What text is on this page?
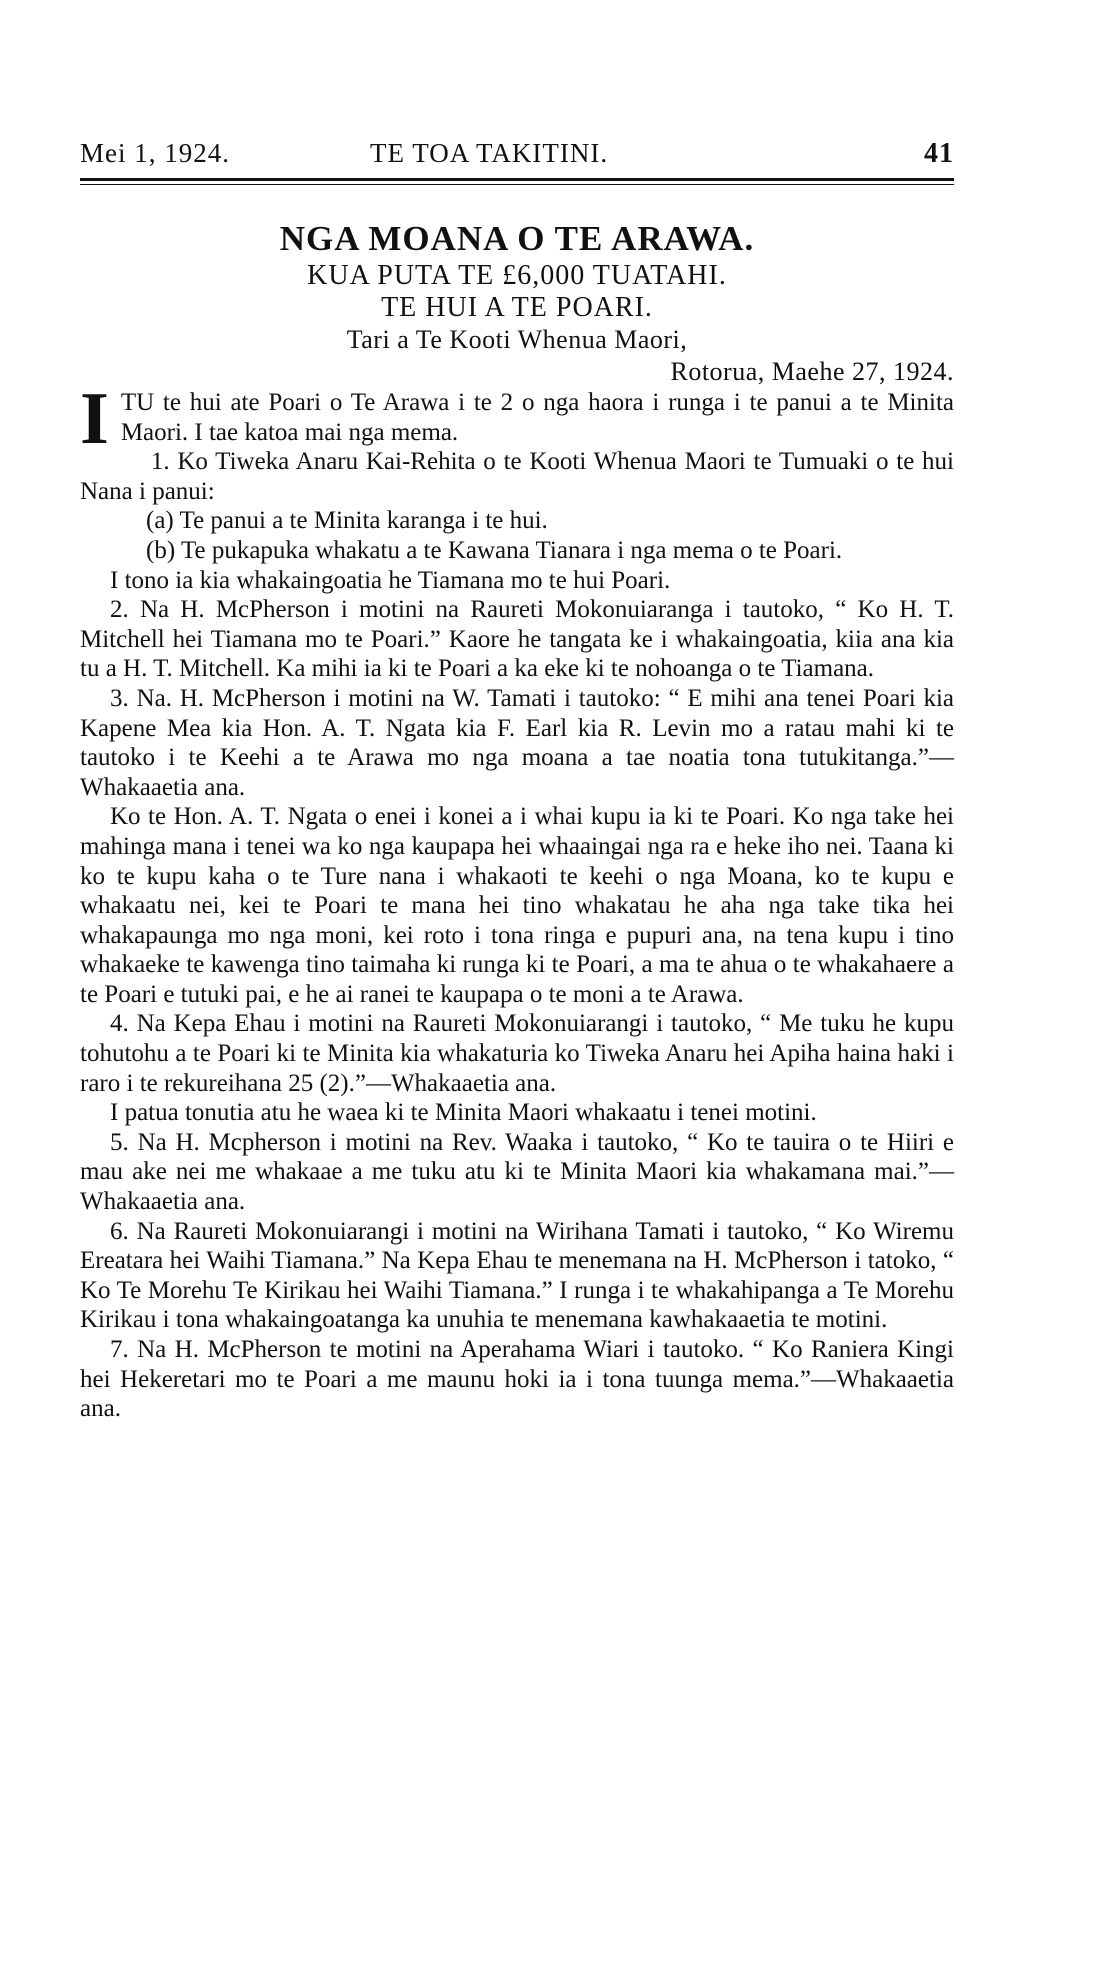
Mei 1, 1924.	TE TOA TAKITINI.	41
NGA MOANA O TE ARAWA.
KUA PUTA TE £6,000 TUATAHI.
TE HUI A TE POARI.
Tari a Te Kooti Whenua Maori,
Rotorua, Maehe 27, 1924.
I TU te hui ate Poari o Te Arawa i te 2 o nga haora i runga i te panui a te Minita Maori. I tae katoa mai nga mema.

1. Ko Tiweka Anaru Kai-Rehita o te Kooti Whenua Maori te Tumuaki o te hui Nana i panui:

(a) Te panui a te Minita karanga i te hui.

(b) Te pukapuka whakatu a te Kawana Tianara i nga mema o te Poari.

I tono ia kia whakaingoatia he Tiamana mo te hui Poari.

2. Na H. McPherson i motini na Raureti Mokonuiaranga i tautoko, “ Ko H. T. Mitchell hei Tiamana mo te Poari.” Kaore he tangata ke i whakaingoatia, kiia ana kia tu a H. T. Mitchell. Ka mihi ia ki te Poari a ka eke ki te nohoanga o te Tiamana.

3. Na. H. McPherson i motini na W. Tamati i tautoko: “ E mihi ana tenei Poari kia Kapene Mea kia Hon. A. T. Ngata kia F. Earl kia R. Levin mo a ratau mahi ki te tautoko i te Keehi a te Arawa mo nga moana a tae noatia tona tutukitanga.”—Whakaaetia ana.

Ko te Hon. A. T. Ngata o enei i konei a i whai kupu ia ki te Poari. Ko nga take hei mahinga mana i tenei wa ko nga kaupapa hei whaaingai nga ra e heke iho nei. Taana ki ko te kupu kaha o te Ture nana i whakaoti te keehi o nga Moana, ko te kupu e whakaatu nei, kei te Poari te mana hei tino whakatau he aha nga take tika hei whakapaunga mo nga moni, kei roto i tona ringa e pupuri ana, na tena kupu i tino whakaeke te kawenga tino taimaha ki runga ki te Poari, a ma te ahua o te whakahaere a te Poari e tutuki pai, e he ai ranei te kaupapa o te moni a te Arawa.

4. Na Kepa Ehau i motini na Raureti Mokonuiarangi i tautoko, “ Me tuku he kupu tohutohu a te Poari ki te Minita kia whakaturia ko Tiweka Anaru hei Apiha haina haki i raro i te rekureihana 25 (2).”—Whakaaetia ana.

I patua tonutia atu he waea ki te Minita Maori whakaatu i tenei motini.

5. Na H. Mcpherson i motini na Rev. Waaka i tautoko, “ Ko te tauira o te Hiiri e mau ake nei me whakaae a me tuku atu ki te Minita Maori kia whakamana mai.”—Whakaaetia ana.

6. Na Raureti Mokonuiarangi i motini na Wirihana Tamati i tautoko, “ Ko Wiremu Ereatara hei Waihi Tiamana.” Na Kepa Ehau te menemana na H. McPherson i tatoko, “ Ko Te Morehu Te Kirikau hei Waihi Tiamana.” I runga i te whakahipanga a Te Morehu Kirikau i tona whakaingoatanga ka unuhia te menemana kawhakaaetia te motini.

7. Na H. McPherson te motini na Aperahama Wiari i tautoko. “ Ko Raniera Kingi hei Hekeretari mo te Poari a me maunu hoki ia i tona tuunga mema.”—Whakaaetia ana.
